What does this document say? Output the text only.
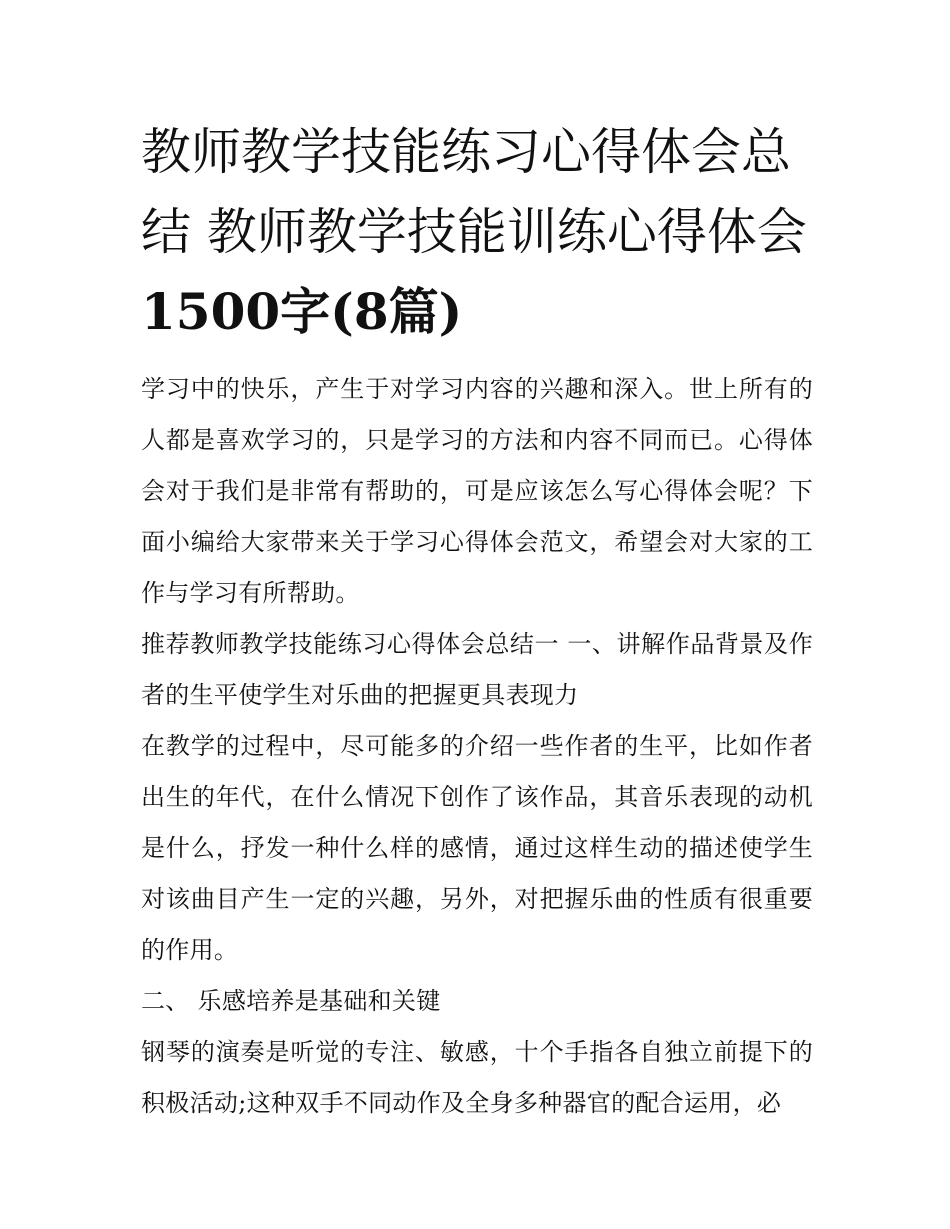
教师教学技能练习心得体会总
结 教师教学技能训练心得体会
1500字(8篇)

学习中的快乐，产生于对学习内容的兴趣和深入。世上所有的人都是喜欢学习的，只是学习的方法和内容不同而已。心得体会对于我们是非常有帮助的，可是应该怎么写心得体会呢？下面小编给大家带来关于学习心得体会范文，希望会对大家的工作与学习有所帮助。

推荐教师教学技能练习心得体会总结一 一、讲解作品背景及作者的生平使学生对乐曲的把握更具表现力

在教学的过程中，尽可能多的介绍一些作者的生平，比如作者出生的年代，在什么情况下创作了该作品，其音乐表现的动机是什么，抒发一种什么样的感情，通过这样生动的描述使学生对该曲目产生一定的兴趣，另外，对把握乐曲的性质有很重要的作用。

二、 乐感培养是基础和关键

钢琴的演奏是听觉的专注、敏感，十个手指各自独立前提下的积极活动;这种双手不同动作及全身多种器官的配合运用，必
